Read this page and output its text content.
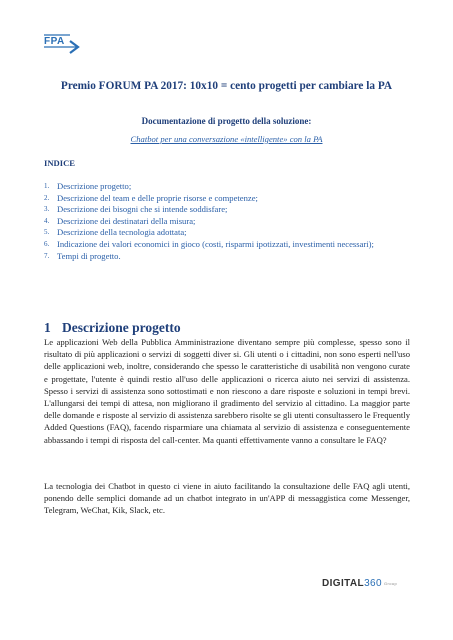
FPA
Premio FORUM PA 2017: 10x10 = cento progetti per cambiare la PA
Documentazione di progetto della soluzione:
Chatbot per una conversazione «intelligente» con la PA
INDICE
1. Descrizione progetto;
2. Descrizione del team e delle proprie risorse e competenze;
3. Descrizione dei bisogni che si intende soddisfare;
4. Descrizione dei destinatari della misura;
5. Descrizione della tecnologia adottata;
6. Indicazione dei valori economici in gioco (costi, risparmi ipotizzati, investimenti necessari);
7. Tempi di progetto.
1 Descrizione progetto

Le applicazioni Web della Pubblica Amministrazione diventano sempre più complesse, spesso sono il risultato di più applicazioni o servizi di soggetti diver si. Gli utenti o i cittadini, non sono esperti nell'uso delle applicazioni web, inoltre, considerando che spesso le caratteristiche di usabilità non vengono curate e progettate, l'utente è quindi restio all'uso delle applicazioni o ricerca aiuto nei servizi di assistenza. Spesso i servizi di assistenza sono sottostimati e non riescono a dare risposte e soluzioni in tempi brevi. L'allungarsi dei tempi di attesa, non migliorano il gradimento del servizio al cittadino. La maggior parte delle domande e risposte al servizio di assistenza sarebbero risolte se gli utenti consultassero le Frequently Added Questions (FAQ), facendo risparmiare una chiamata al servizio di assistenza e conseguentemente abbassando i tempi di risposta del call-center. Ma quanti effettivamente vanno a consultare le FAQ?

La tecnologia dei Chatbot in questo ci viene in aiuto facilitando la consultazione delle FAQ agli utenti, ponendo delle semplici domande ad un chatbot integrato in un'APP di messaggistica come Messenger, Telegram, WeChat, Kik, Slack, etc.

DIGITAL360 Group
